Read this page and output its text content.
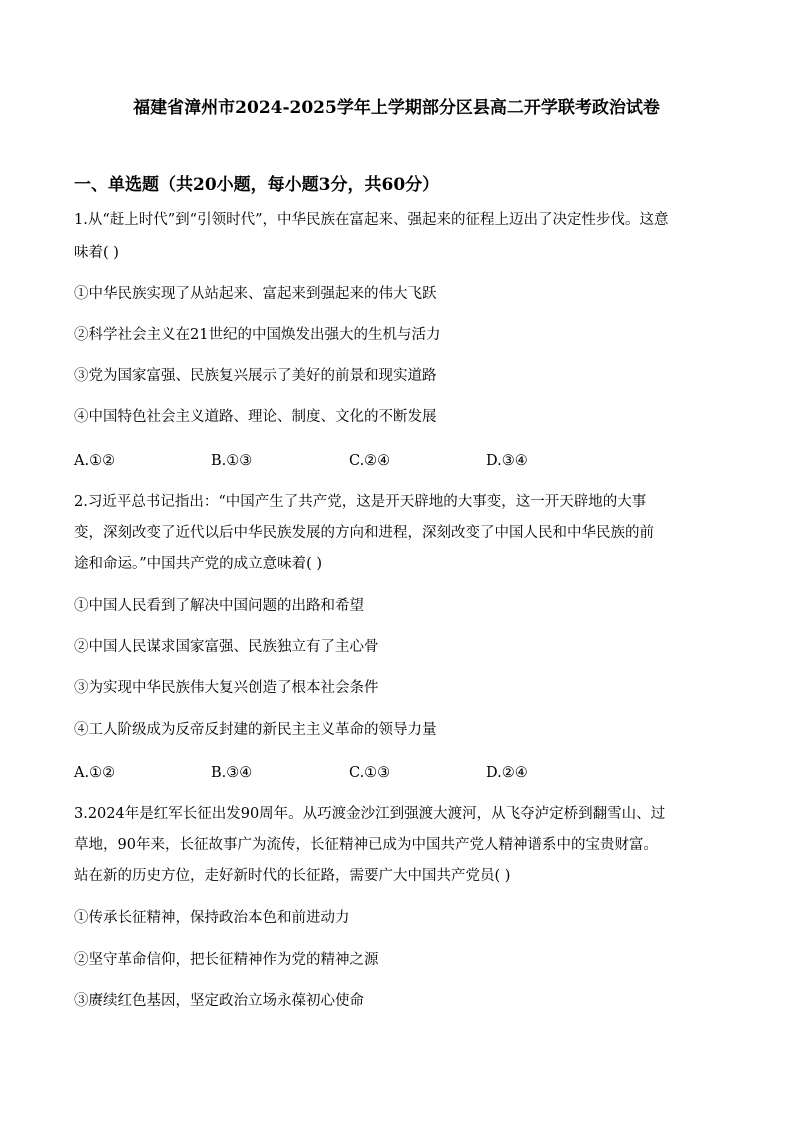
福建省漳州市2024-2025学年上学期部分区县高二开学联考政治试卷
一、单选题（共20小题，每小题3分，共60分）
1.从“赶上时代”到“引领时代”，中华民族在富起来、强起来的征程上迈出了决定性步伐。这意
味着( )
①中华民族实现了从站起来、富起来到强起来的伟大飞跃
②科学社会主义在21世纪的中国焕发出强大的生机与活力
③党为国家富强、民族复兴展示了美好的前景和现实道路
④中国特色社会主义道路、理论、制度、文化的不断发展
A.①②	B.①③	C.②④	D.③④
2.习近平总书记指出：“中国产生了共产党，这是开天辟地的大事变，这一开天辟地的大事
变，深刻改变了近代以后中华民族发展的方向和进程，深刻改变了中国人民和中华民族的前
途和命运。”中国共产党的成立意味着( )
①中国人民看到了解决中国问题的出路和希望
②中国人民谋求国家富强、民族独立有了主心骨
③为实现中华民族伟大复兴创造了根本社会条件
④工人阶级成为反帝反封建的新民主主义革命的领导力量
A.①②	B.③④	C.①③	D.②④
3.2024年是红军长征出发90周年。从巧渡金沙江到强渡大渡河，从飞夺泸定桥到翻雪山、过
草地，90年来，长征故事广为流传，长征精神已成为中国共产党人精神谱系中的宝贵财富。
站在新的历史方位，走好新时代的长征路，需要广大中国共产党员( )
①传承长征精神，保持政治本色和前进动力
②坚守革命信仰，把长征精神作为党的精神之源
③赓续红色基因，坚定政治立场永葆初心使命
